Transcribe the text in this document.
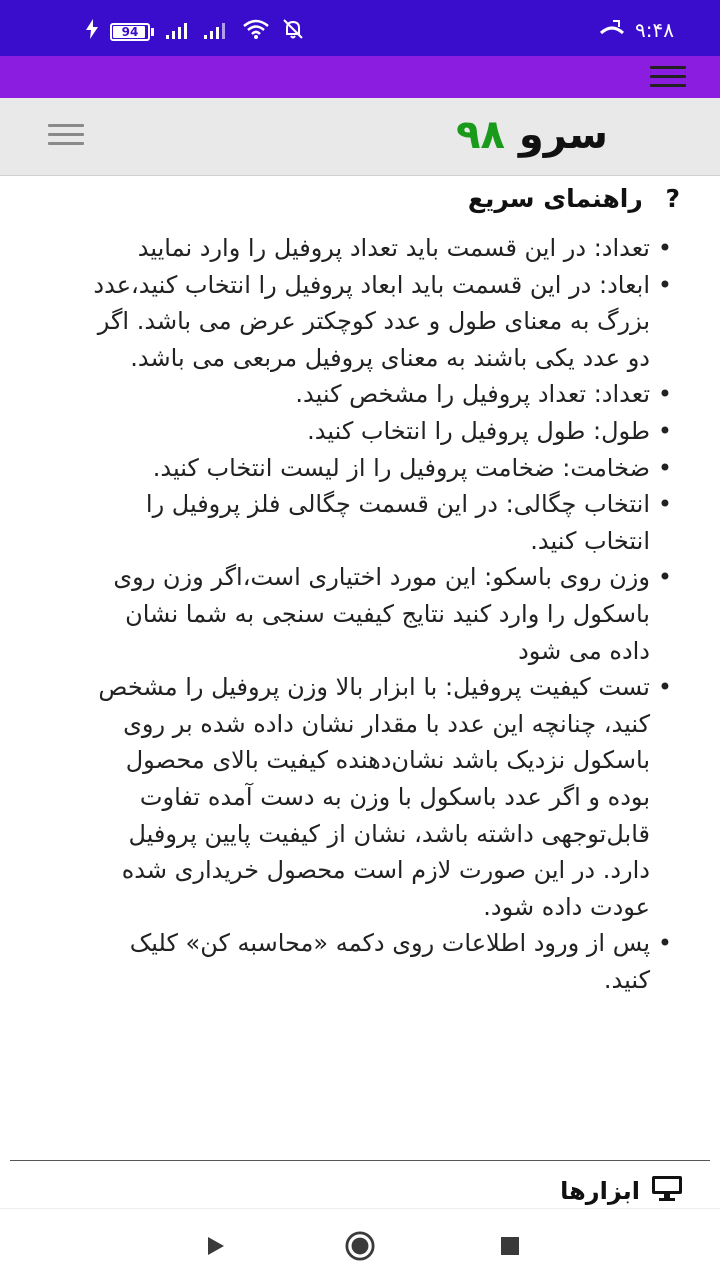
94	۹:۴۸
سرو ۹۸
? راهنمای سریع
• تعداد: در این قسمت باید تعداد پروفیل را وارد نمایید
• ابعاد: در این قسمت باید ابعاد پروفیل را انتخاب کنید،عدد بزرگ به معنای طول و عدد کوچکتر عرض می باشد. اگر دو عدد یکی باشند به معنای پروفیل مربعی می باشد.
• تعداد: تعداد پروفیل را مشخص کنید.
• طول: طول پروفیل را انتخاب کنید.
• ضخامت: ضخامت پروفیل را از لیست انتخاب کنید.
• انتخاب چگالی: در این قسمت چگالی فلز پروفیل را انتخاب کنید.
• وزن روی باسکو: این مورد اختیاری است،اگر وزن روی باسکول را وارد کنید نتایج کیفیت سنجی به شما نشان داده می شود
• تست کیفیت پروفیل: با ابزار بالا وزن پروفیل را مشخص کنید، چنانچه این عدد با مقدار نشان داده شده بر روی باسکول نزدیک باشد نشان‌دهنده کیفیت بالای محصول بوده و اگر عدد باسکول با وزن به دست آمده تفاوت قابل‌توجهی داشته باشد، نشان از کیفیت پایین پروفیل دارد. در این صورت لازم است محصول خریداری شده عودت داده شود.
• پس از ورود اطلاعات روی دکمه «محاسبه کن» کلیک کنید.
ابزارها
